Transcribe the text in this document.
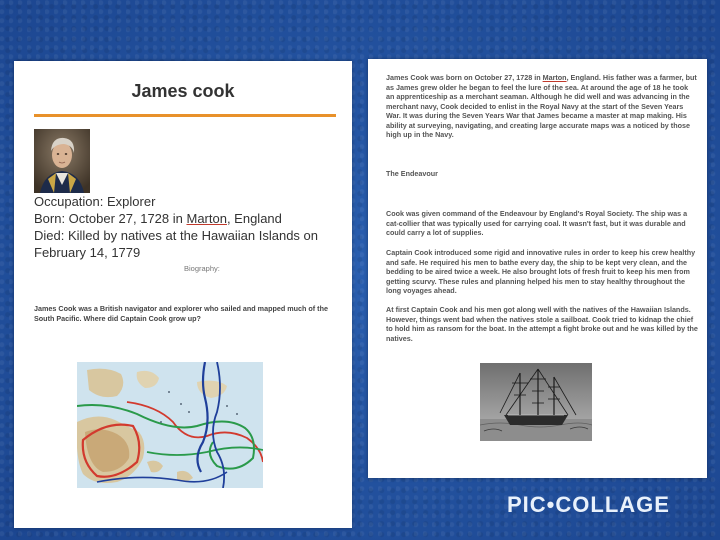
James cook
Occupation: Explorer
Born: October 27, 1728 in Marton, England
Died: Killed by natives at the Hawaiian Islands on February 14, 1779
Biography:
James Cook was a British navigator and explorer who sailed and mapped much of the South Pacific. Where did Captain Cook grow up?
James Cook was born on October 27, 1728 in Marton, England. His father was a farmer, but as James grew older he began to feel the lure of the sea. At around the age of 18 he took an apprenticeship as a merchant seaman. Although he did well and was advancing in the merchant navy, Cook decided to enlist in the Royal Navy at the start of the Seven Years War. It was during the Seven Years War that James became a master at map making. His ability at surveying, navigating, and creating large accurate maps was a noticed by those high up in the Navy.
The Endeavour
Cook was given command of the Endeavour by England's Royal Society. The ship was a cat-collier that was typically used for carrying coal. It wasn't fast, but it was durable and could carry a lot of supplies.
Captain Cook introduced some rigid and innovative rules in order to keep his crew healthy and safe. He required his men to bathe every day, the ship to be kept very clean, and the bedding to be aired twice a week. He also brought lots of fresh fruit to keep his men from getting scurvy. These rules and planning helped his men to stay healthy throughout the long voyages ahead.
At first Captain Cook and his men got along well with the natives of the Hawaiian Islands. However, things went bad when the natives stole a sailboat. Cook tried to kidnap the chief to hold him as ransom for the boat. In the attempt a fight broke out and he was killed by the natives.
PIC•COLLAGE
